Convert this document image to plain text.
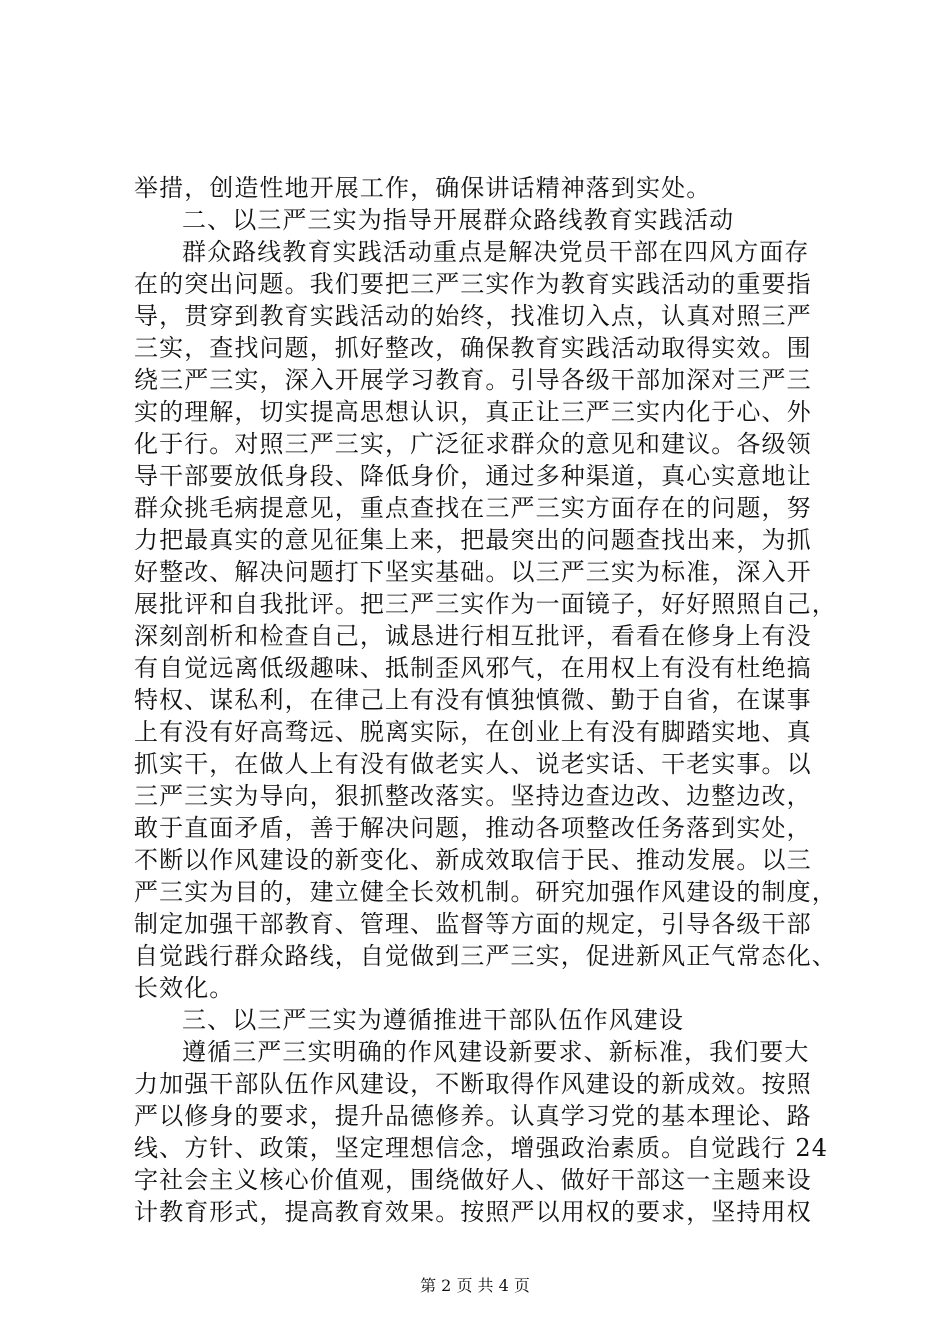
举措，创造性地开展工作，确保讲话精神落到实处。
二、以三严三实为指导开展群众路线教育实践活动
群众路线教育实践活动重点是解决党员干部在四风方面存
在的突出问题。我们要把三严三实作为教育实践活动的重要指
导，贯穿到教育实践活动的始终，找准切入点，认真对照三严
三实，查找问题，抓好整改，确保教育实践活动取得实效。围
绕三严三实，深入开展学习教育。引导各级干部加深对三严三
实的理解，切实提高思想认识，真正让三严三实内化于心、外
化于行。对照三严三实，广泛征求群众的意见和建议。各级领
导干部要放低身段、降低身价，通过多种渠道，真心实意地让
群众挑毛病提意见，重点查找在三严三实方面存在的问题，努
力把最真实的意见征集上来，把最突出的问题查找出来，为抓
好整改、解决问题打下坚实基础。以三严三实为标准，深入开
展批评和自我批评。把三严三实作为一面镜子，好好照照自己，
深刻剖析和检查自己，诚恳进行相互批评，看看在修身上有没
有自觉远离低级趣味、抵制歪风邪气，在用权上有没有杜绝搞
特权、谋私利，在律己上有没有慎独慎微、勤于自省，在谋事
上有没有好高骛远、脱离实际，在创业上有没有脚踏实地、真
抓实干，在做人上有没有做老实人、说老实话、干老实事。以
三严三实为导向，狠抓整改落实。坚持边查边改、边整边改，
敢于直面矛盾，善于解决问题，推动各项整改任务落到实处，
不断以作风建设的新变化、新成效取信于民、推动发展。以三
严三实为目的，建立健全长效机制。研究加强作风建设的制度，
制定加强干部教育、管理、监督等方面的规定，引导各级干部
自觉践行群众路线，自觉做到三严三实，促进新风正气常态化、
长效化。
三、以三严三实为遵循推进干部队伍作风建设
遵循三严三实明确的作风建设新要求、新标准，我们要大
力加强干部队伍作风建设，不断取得作风建设的新成效。按照
严以修身的要求，提升品德修养。认真学习党的基本理论、路
线、方针、政策，坚定理想信念，增强政治素质。自觉践行 24
字社会主义核心价值观，围绕做好人、做好干部这一主题来设
计教育形式，提高教育效果。按照严以用权的要求，坚持用权
第 2 页 共 4 页
